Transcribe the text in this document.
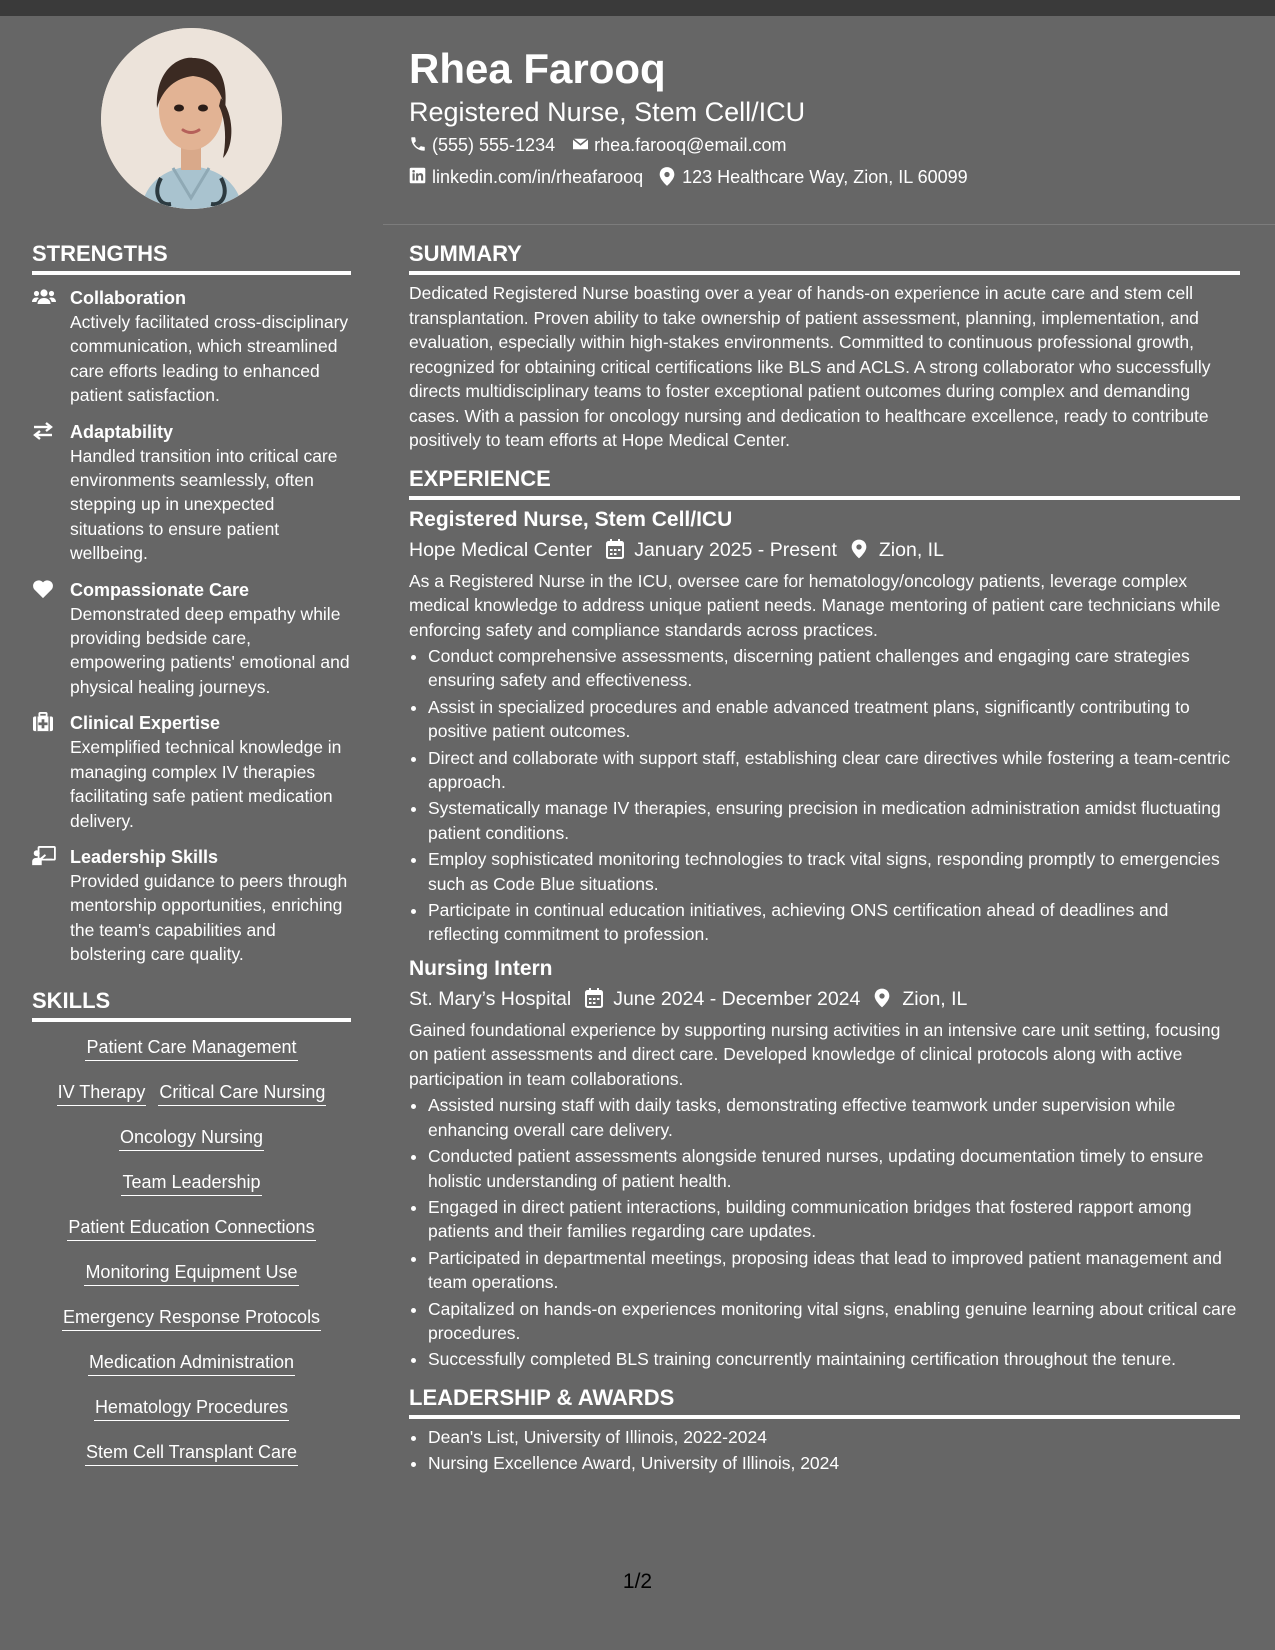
Rhea Farooq
Registered Nurse, Stem Cell/ICU
(555) 555-1234 rhea.farooq@email.com
linkedin.com/in/rheafarooq 123 Healthcare Way, Zion, IL 60099
STRENGTHS
Collaboration
Actively facilitated cross-disciplinary communication, which streamlined care efforts leading to enhanced patient satisfaction.
Adaptability
Handled transition into critical care environments seamlessly, often stepping up in unexpected situations to ensure patient wellbeing.
Compassionate Care
Demonstrated deep empathy while providing bedside care, empowering patients' emotional and physical healing journeys.
Clinical Expertise
Exemplified technical knowledge in managing complex IV therapies facilitating safe patient medication delivery.
Leadership Skills
Provided guidance to peers through mentorship opportunities, enriching the team's capabilities and bolstering care quality.
SKILLS
Patient Care Management
IV Therapy Critical Care Nursing
Oncology Nursing
Team Leadership
Patient Education Connections
Monitoring Equipment Use
Emergency Response Protocols
Medication Administration
Hematology Procedures
Stem Cell Transplant Care
SUMMARY

Dedicated Registered Nurse boasting over a year of hands-on experience in acute care and stem cell transplantation. Proven ability to take ownership of patient assessment, planning, implementation, and evaluation, especially within high-stakes environments. Committed to continuous professional growth, recognized for obtaining critical certifications like BLS and ACLS. A strong collaborator who successfully directs multidisciplinary teams to foster exceptional patient outcomes during complex and demanding cases. With a passion for oncology nursing and dedication to healthcare excellence, ready to contribute positively to team efforts at Hope Medical Center.

EXPERIENCE
Registered Nurse, Stem Cell/ICU
Hope Medical Center January 2025 - Present Zion, IL

As a Registered Nurse in the ICU, oversee care for hematology/oncology patients, leverage complex medical knowledge to address unique patient needs. Manage mentoring of patient care technicians while enforcing safety and compliance standards across practices.

• Conduct comprehensive assessments, discerning patient challenges and engaging care strategies ensuring safety and effectiveness.
• Assist in specialized procedures and enable advanced treatment plans, significantly contributing to positive patient outcomes.
• Direct and collaborate with support staff, establishing clear care directives while fostering a team-centric approach.
• Systematically manage IV therapies, ensuring precision in medication administration amidst fluctuating patient conditions.
• Employ sophisticated monitoring technologies to track vital signs, responding promptly to emergencies such as Code Blue situations.
• Participate in continual education initiatives, achieving ONS certification ahead of deadlines and reflecting commitment to profession.
Nursing Intern
St. Mary’s Hospital June 2024 - December 2024 Zion, IL

Gained foundational experience by supporting nursing activities in an intensive care unit setting, focusing on patient assessments and direct care. Developed knowledge of clinical protocols along with active participation in team collaborations.

• Assisted nursing staff with daily tasks, demonstrating effective teamwork under supervision while enhancing overall care delivery.
• Conducted patient assessments alongside tenured nurses, updating documentation timely to ensure holistic understanding of patient health.
• Engaged in direct patient interactions, building communication bridges that fostered rapport among patients and their families regarding care updates.
• Participated in departmental meetings, proposing ideas that lead to improved patient management and team operations.
• Capitalized on hands-on experiences monitoring vital signs, enabling genuine learning about critical care procedures.
• Successfully completed BLS training concurrently maintaining certification throughout the tenure.
LEADERSHIP & AWARDS
• Dean's List, University of Illinois, 2022-2024
• Nursing Excellence Award, University of Illinois, 2024
1/2
